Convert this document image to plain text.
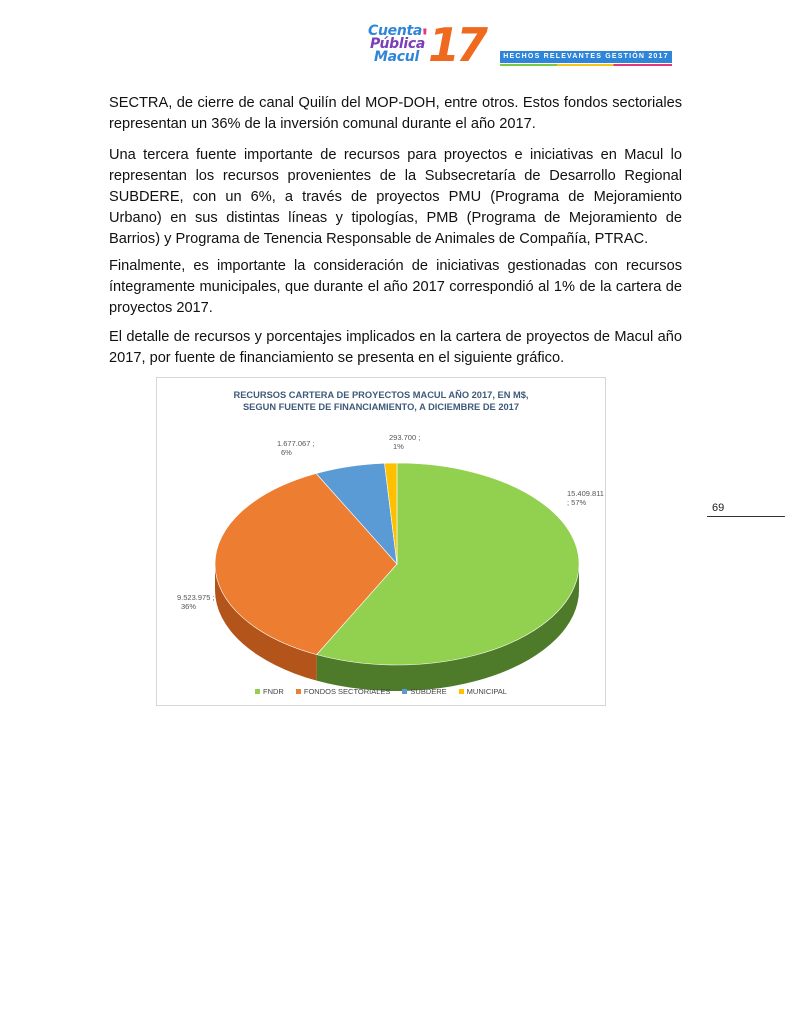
Cuenta
Pública
Macul
' 17	HECHOS RELEVANTES GESTIÓN 2017
SECTRA, de cierre de canal Quilín del MOP-DOH, entre otros. Estos fondos sectoriales representan un 36% de la inversión comunal durante el año 2017.
Una tercera fuente importante de recursos para proyectos e iniciativas en Macul lo representan los recursos provenientes de la Subsecretaría de Desarrollo Regional SUBDERE, con un 6%, a través de proyectos PMU (Programa de Mejoramiento Urbano) en sus distintas líneas y tipologías, PMB (Programa de Mejoramiento de Barrios) y Programa de Tenencia Responsable de Animales de Compañía, PTRAC.
Finalmente, es importante la consideración de iniciativas gestionadas con recursos íntegramente municipales, que durante el año 2017 correspondió al 1% de la cartera de proyectos 2017.
El detalle de recursos y porcentajes implicados en la cartera de proyectos de Macul año 2017, por fuente de financiamiento se presenta en el siguiente gráfico.
69
RECURSOS CARTERA DE PROYECTOS MACUL AÑO 2017, EN M$,
SEGUN FUENTE DE FINANCIAMIENTO, A DICIEMBRE DE 2017
15.409.811 ; 57%
9.523.975 ; 36%
1.677.067 ; 6%
293.700 ; 1%
FNDR	FONDOS SECTORIALES	SUBDERE	MUNICIPAL
